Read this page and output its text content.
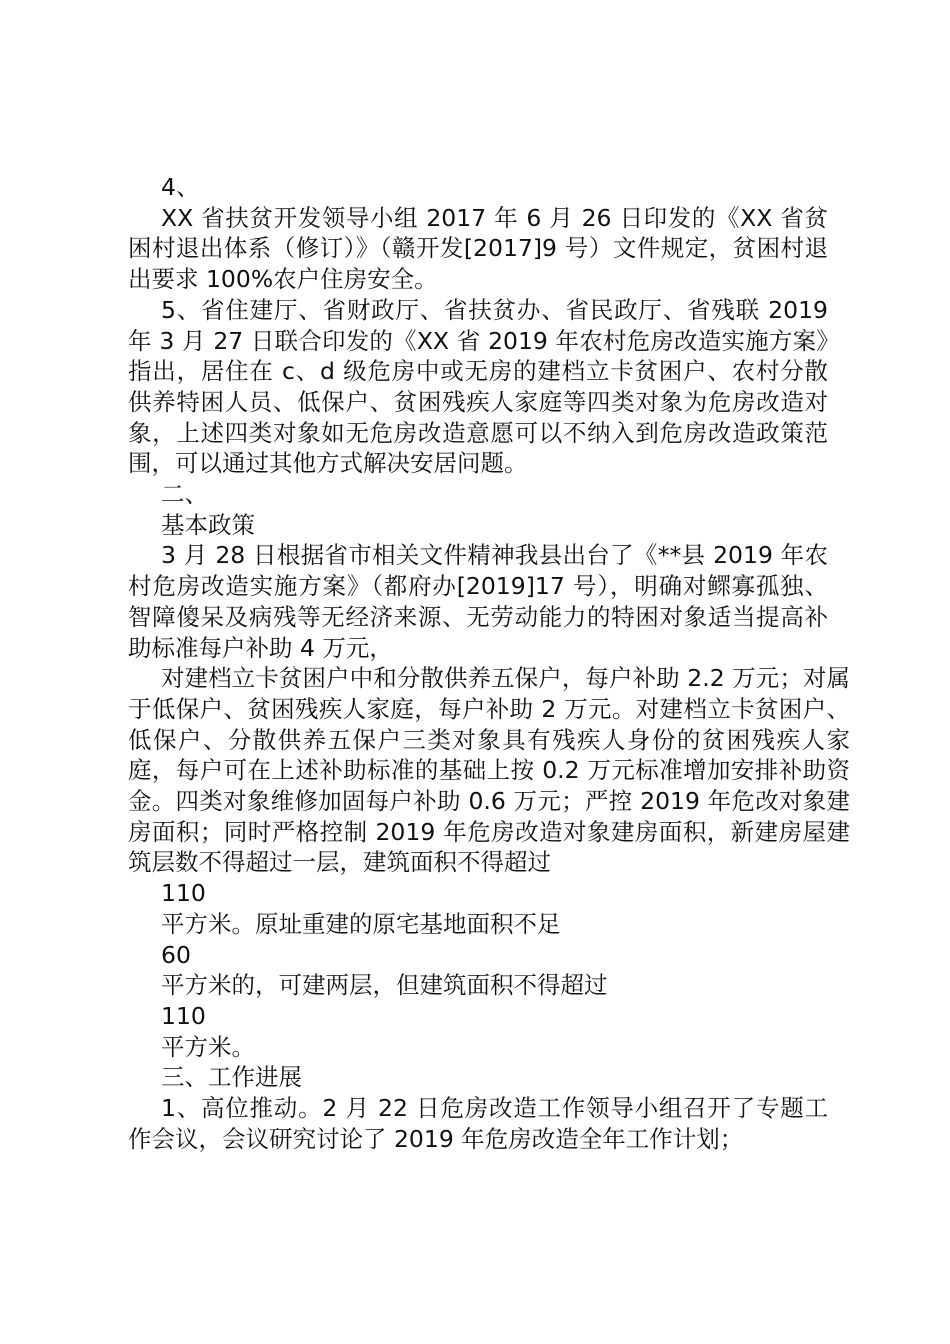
4、

XX 省扶贫开发领导小组 2017 年 6 月 26 日印发的《XX 省贫困村退出体系（修订）》（赣开发[2017]9 号）文件规定，贫困村退出要求 100%农户住房安全。

5、省住建厅、省财政厅、省扶贫办、省民政厅、省残联 2019 年 3 月 27 日联合印发的《XX 省 2019 年农村危房改造实施方案》指出，居住在 c、d 级危房中或无房的建档立卡贫困户、农村分散供养特困人员、低保户、贫困残疾人家庭等四类对象为危房改造对象，上述四类对象如无危房改造意愿可以不纳入到危房改造政策范围，可以通过其他方式解决安居问题。

二、

基本政策

3 月 28 日根据省市相关文件精神我县出台了《**县 2019 年农村危房改造实施方案》（都府办[2019]17 号），明确对鳏寡孤独、智障傻呆及病残等无经济来源、无劳动能力的特困对象适当提高补助标准每户补助 4 万元，

对建档立卡贫困户中和分散供养五保户，每户补助 2.2 万元；对属于低保户、贫困残疾人家庭，每户补助 2 万元。对建档立卡贫困户、低保户、分散供养五保户三类对象具有残疾人身份的贫困残疾人家庭，每户可在上述补助标准的基础上按 0.2 万元标准增加安排补助资金。四类对象维修加固每户补助 0.6 万元；严控 2019 年危改对象建房面积；同时严格控制 2019 年危房改造对象建房面积，新建房屋建筑层数不得超过一层，建筑面积不得超过

110

平方米。原址重建的原宅基地面积不足

60

平方米的，可建两层，但建筑面积不得超过

110

平方米。

三、工作进展

1、高位推动。2 月 22 日危房改造工作领导小组召开了专题工作会议，会议研究讨论了 2019 年危房改造全年工作计划；
